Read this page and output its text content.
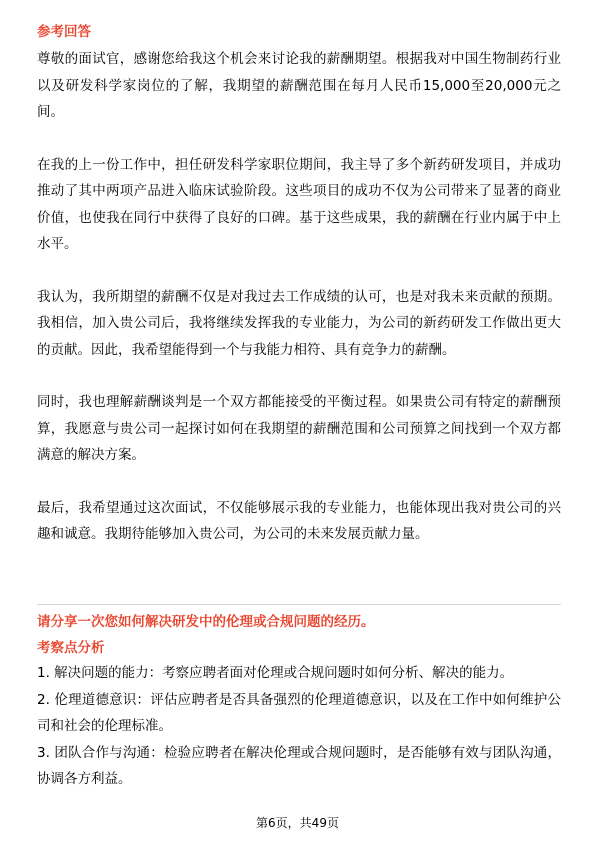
参考回答

尊敬的面试官，感谢您给我这个机会来讨论我的薪酬期望。根据我对中国生物制药行业以及研发科学家岗位的了解，我期望的薪酬范围在每月人民币15,000至20,000元之间。

在我的上一份工作中，担任研发科学家职位期间，我主导了多个新药研发项目，并成功推动了其中两项产品进入临床试验阶段。这些项目的成功不仅为公司带来了显著的商业价值，也使我在同行中获得了良好的口碑。基于这些成果，我的薪酬在行业内属于中上水平。

我认为，我所期望的薪酬不仅是对我过去工作成绩的认可，也是对我未来贡献的预期。我相信，加入贵公司后，我将继续发挥我的专业能力，为公司的新药研发工作做出更大的贡献。因此，我希望能得到一个与我能力相符、具有竞争力的薪酬。

同时，我也理解薪酬谈判是一个双方都能接受的平衡过程。如果贵公司有特定的薪酬预算，我愿意与贵公司一起探讨如何在我期望的薪酬范围和公司预算之间找到一个双方都满意的解决方案。

最后，我希望通过这次面试，不仅能够展示我的专业能力，也能体现出我对贵公司的兴趣和诚意。我期待能够加入贵公司，为公司的未来发展贡献力量。

请分享一次您如何解决研发中的伦理或合规问题的经历。
考察点分析

1. 解决问题的能力：考察应聘者面对伦理或合规问题时如何分析、解决的能力。

2. 伦理道德意识：评估应聘者是否具备强烈的伦理道德意识，以及在工作中如何维护公司和社会的伦理标准。

3. 团队合作与沟通：检验应聘者在解决伦理或合规问题时，是否能够有效与团队沟通，协调各方利益。

第6页，共49页
